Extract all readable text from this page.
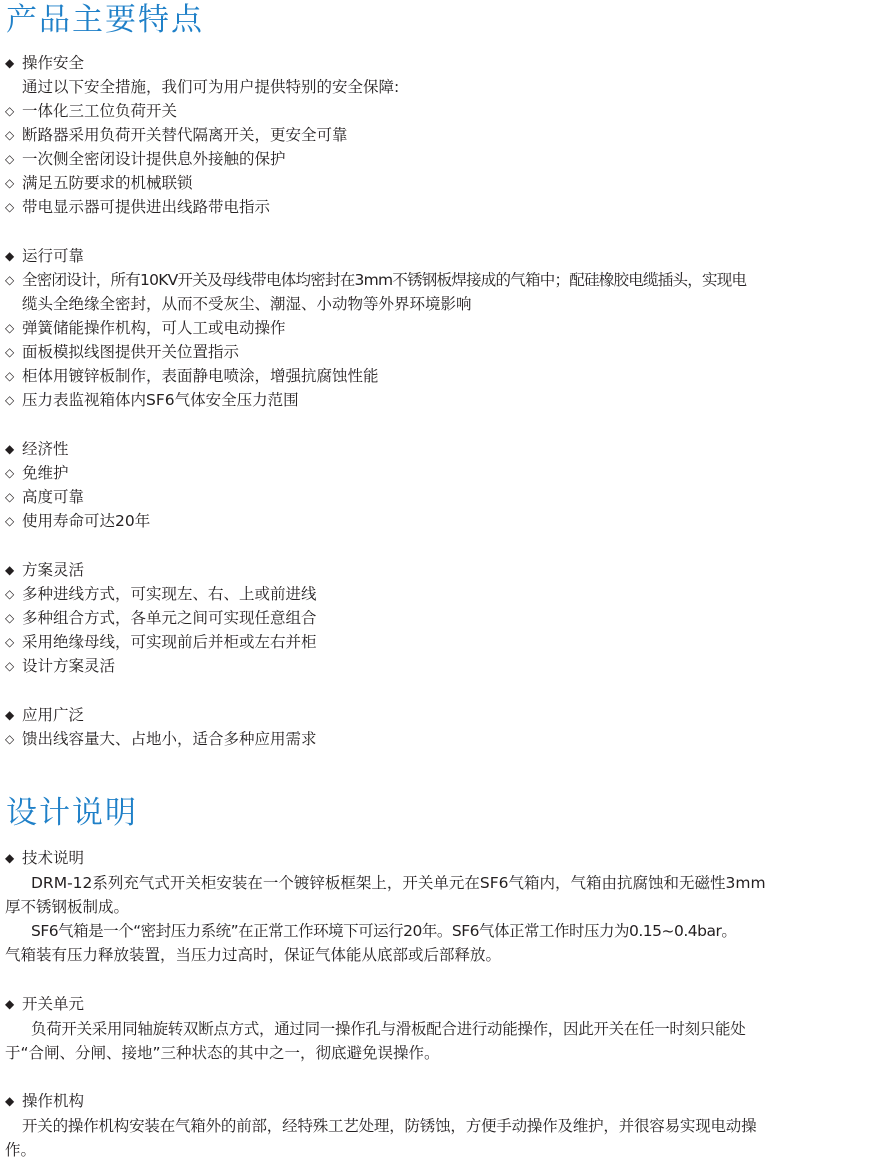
产品主要特点
◆ 操作安全
通过以下安全措施，我们可为用户提供特别的安全保障:
◇ 一体化三工位负荷开关
◇ 断路器采用负荷开关替代隔离开关，更安全可靠
◇ 一次侧全密闭设计提供息外接触的保护
◇ 满足五防要求的机械联锁
◇ 带电显示器可提供进出线路带电指示
◆ 运行可靠
◇ 全密闭设计，所有10KV开关及母线带电体均密封在3mm不锈钢板焊接成的气箱中；配硅橡胶电缆插头，实现电
缆头全绝缘全密封，从而不受灰尘、潮湿、小动物等外界环境影响
◇ 弹簧储能操作机构，可人工或电动操作
◇ 面板模拟线图提供开关位置指示
◇ 柜体用镀锌板制作，表面静电喷涂，增强抗腐蚀性能
◇ 压力表监视箱体内SF6气体安全压力范围
◆ 经济性
◇ 免维护
◇ 高度可靠
◇ 使用寿命可达20年
◆ 方案灵活
◇ 多种进线方式，可实现左、右、上或前进线
◇ 多种组合方式，各单元之间可实现任意组合
◇ 采用绝缘母线，可实现前后并柜或左右并柜
◇ 设计方案灵活
◆ 应用广泛
◇ 馈出线容量大、占地小，适合多种应用需求
设计说明
◆ 技术说明
DRM-12系列充气式开关柜安装在一个镀锌板框架上，开关单元在SF6气箱内，气箱由抗腐蚀和无磁性3mm
厚不锈钢板制成。
SF6气箱是一个“密封压力系统”在正常工作环境下可运行20年。SF6气体正常工作时压力为0.15~0.4bar。
气箱装有压力释放装置，当压力过高时，保证气体能从底部或后部释放。
◆ 开关单元
负荷开关采用同轴旋转双断点方式，通过同一操作孔与滑板配合进行动能操作，因此开关在任一时刻只能处
于“合闸、分闸、接地”三种状态的其中之一，彻底避免误操作。
◆ 操作机构
开关的操作机构安装在气箱外的前部，经特殊工艺处理，防锈蚀，方便手动操作及维护，并很容易实现电动操
作。
